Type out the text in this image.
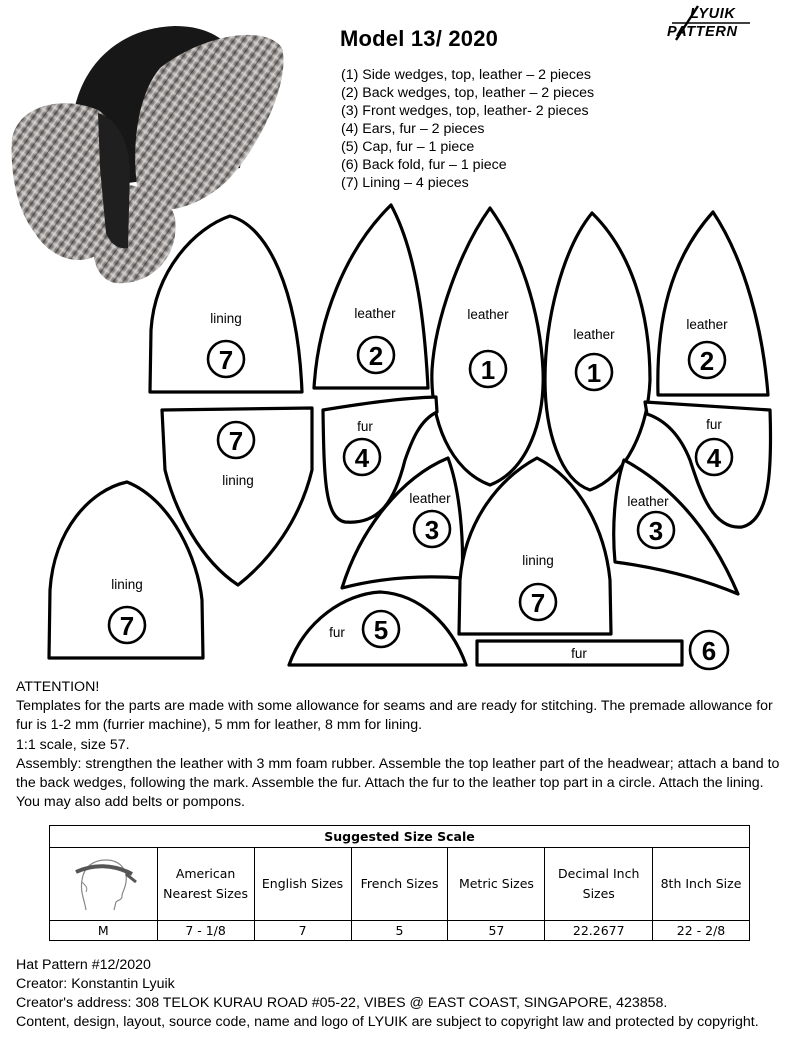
Model 13/ 2020
LYUIK
PATTERN
(1) Side wedges, top, leather – 2 pieces
(2) Back wedges, top, leather – 2 pieces
(3) Front wedges, top, leather- 2 pieces
(4) Ears, fur – 2 pieces
(5) Cap, fur – 1 piece
(6) Back fold, fur – 1 piece
(7) Lining – 4 pieces
lining
7
leather
2
leather
1
leather
1
leather
2
7
lining
fur
4
fur
4
leather
3
leather
3
lining
7
lining
7	fur 5
fur	6

ATTENTION!

Templates for the parts are made with some allowance for seams and are ready for stitching. The premade allowance for fur is 1-2 mm (furrier machine), 5 mm for leather, 8 mm for lining.

1:1 scale, size 57.

Assembly: strengthen the leather with 3 mm foam rubber. Assemble the top leather part of the headwear; attach a band to the back wedges, following the mark. Assemble the fur. Attach the fur to the leather top part in a circle. Attach the lining. You may also add belts or pompons.

Suggested Size Scale						

	American Nearest Sizes	English Sizes	French Sizes	Metric Sizes	Decimal Inch Sizes	8th Inch Size
M	7 - 1/8	7	5	57	22.2677	22 - 2/8

Hat Pattern #12/2020

Creator: Konstantin Lyuik

Creator's address: 308 TELOK KURAU ROAD #05-22, VIBES @ EAST COAST, SINGAPORE, 423858.

Content, design, layout, source code, name and logo of LYUIK are subject to copyright law and protected by copyright.
